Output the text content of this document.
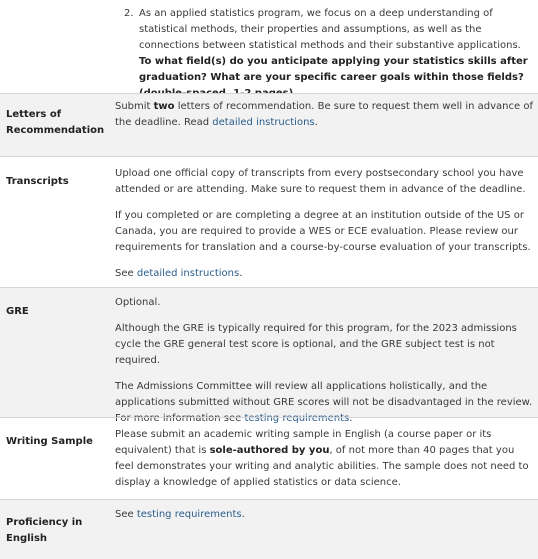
2. As an applied statistics program, we focus on a deep understanding of statistical methods, their properties and assumptions, as well as the connections between statistical methods and their substantive applications. To what field(s) do you anticipate applying your statistics skills after graduation? What are your specific career goals within those fields?
Letters of Recommendation

Submit two letters of recommendation. Be sure to request them well in advance of the deadline. Read detailed instructions.

Transcripts

Upload one official copy of transcripts from every postsecondary school you have attended or are attending. Make sure to request them in advance of the deadline.

If you completed or are completing a degree at an institution outside of the US or Canada, you are required to provide a WES or ECE evaluation. Please review our requirements for translation and a course-by-course evaluation of your transcripts.

See detailed instructions.

GRE

Optional.

Although the GRE is typically required for this program, for the 2023 admissions cycle the GRE general test score is optional, and the GRE subject test is not required.

The Admissions Committee will review all applications holistically, and the applications submitted without GRE scores will not be disadvantaged in the review. For more information see testing requirements.

Writing Sample

Please submit an academic writing sample in English (a course paper or its equivalent) that is sole-authored by you, of not more than 40 pages that you feel demonstrates your writing and analytic abilities. The sample does not need to display a knowledge of applied statistics or data science.

Proficiency in English

See testing requirements.
